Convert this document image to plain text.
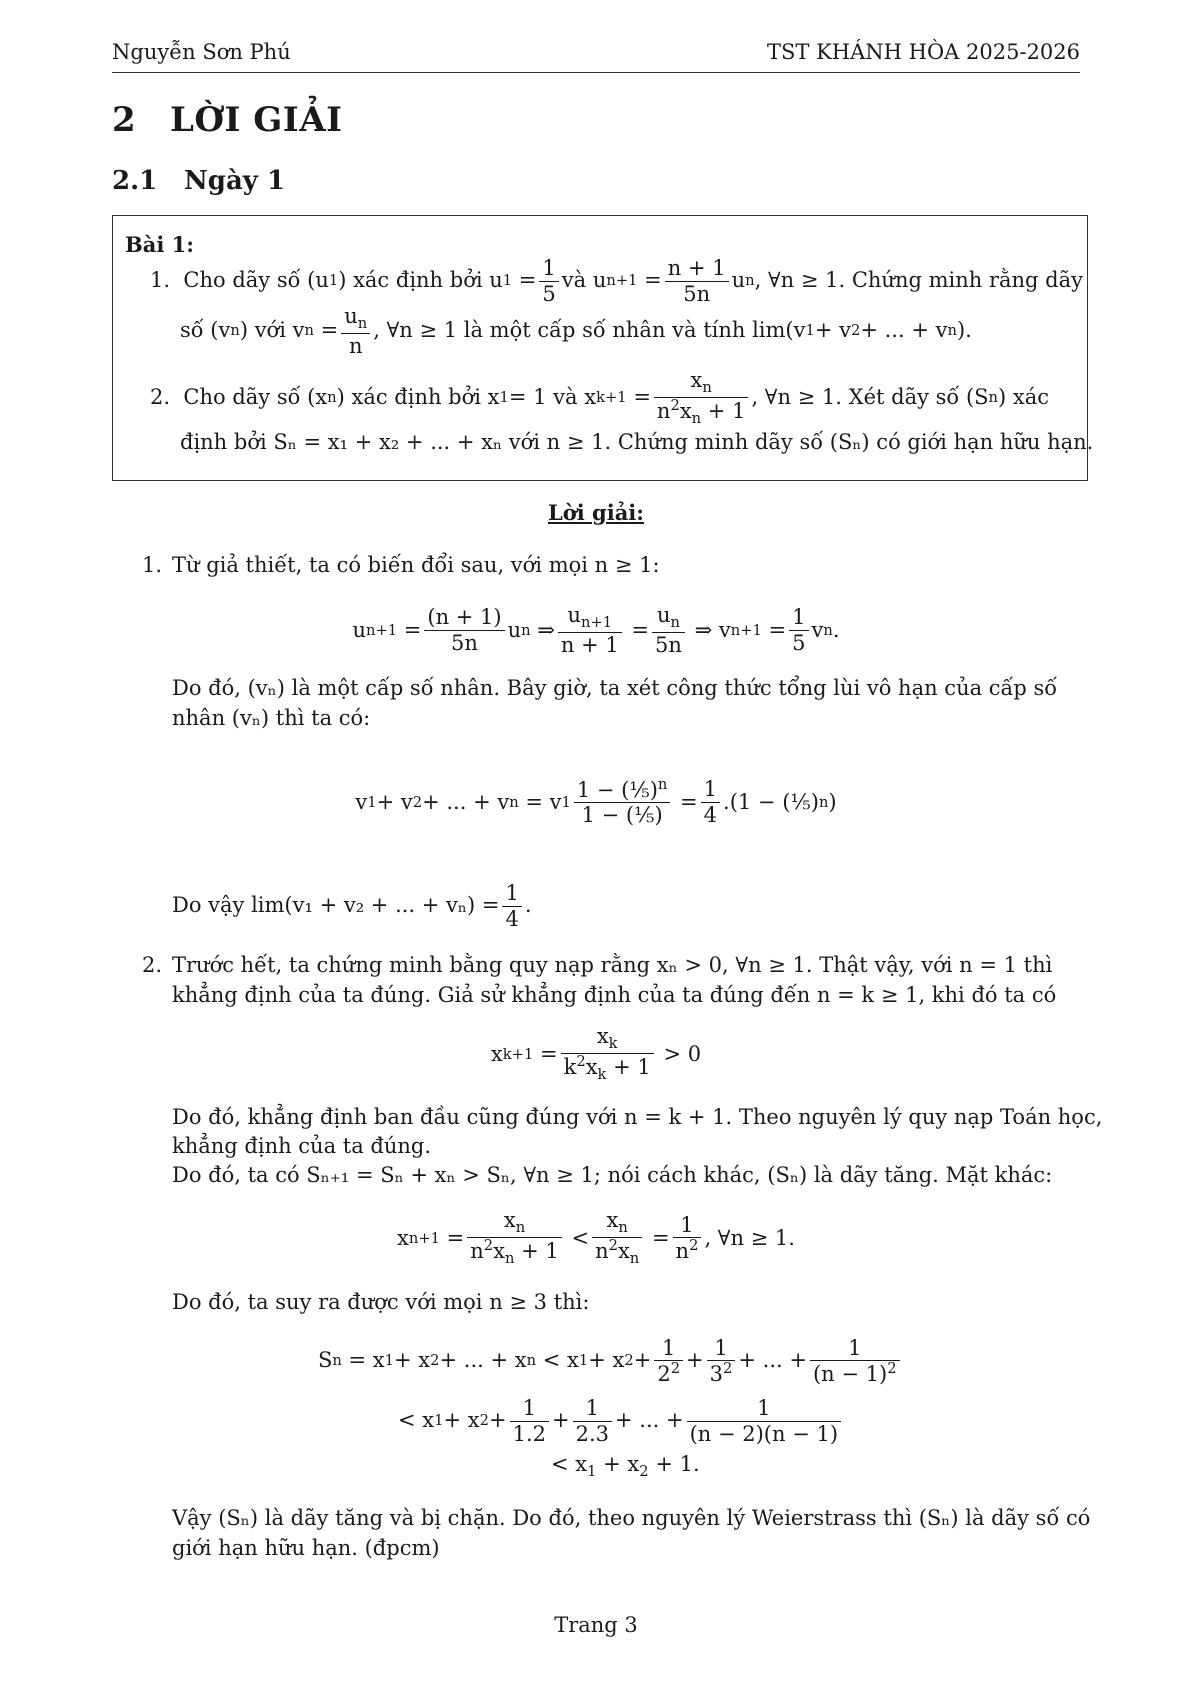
Nguyễn Sơn Phú	TST KHÁNH HÒA 2025-2026
2 LỜI GIẢI
2.1 Ngày 1
Bài 1:
1.
Cho dãy số (u 1 ) xác định bởi u $1 = \frac{1}{5}$ và u $n+1 = \frac{n + 1}{5n}$ u n , ∀n ≥ 1. Chứng minh rằng dãy
số (v n ) với v $n = \frac{u_n}{n}$ , ∀n ≥ 1 là một cấp số nhân và tính lim(v 1 + v 2 + ... + v n ).
2.
Cho dãy số (x n ) xác định bởi x 1 = 1 và x $k+1 = \frac{x_n}{n^2x_n + 1}$ , ∀n ≥ 1. Xét dãy số (S n ) xác
định bởi Sₙ = x₁ + x₂ + ... + xₙ với n ≥ 1. Chứng minh dãy số (Sₙ) có giới hạn hữu hạn.
Lời giải:
1. Từ giả thiết, ta có biến đổi sau, với mọi n ≥ 1:
u $n+1 = \frac{(n + 1)}{5n}$ u n ⇒ $\frac{u_{n+1}}{n + 1} = \frac{u_n}{5n}$ ⇒ v $n+1 = \frac{1}{5}$ v n .
Do đó, (vₙ) là một cấp số nhân. Bây giờ, ta xét công thức tổng lùi vô hạn của cấp số
nhân (vₙ) thì ta có:
v 1 + v 2 + ... + v n = v $1 \frac{1 - (\frac{1}{5})^n}{\text{1 − (⅕)}} = \frac{1}{4} .(1$ − (⅕) n )
Do vậy lim(v₁ + v₂ + ... + $v_n) = \frac{1}{4}$ .
2. Trước hết, ta chứng minh bằng quy nạp rằng xₙ > 0, ∀n ≥ 1. Thật vậy, với n = 1 thì
khẳng định của ta đúng. Giả sử khẳng định của ta đúng đến n = k ≥ 1, khi đó ta có
x $k+1 = \frac{x_k}{k^2x_k + 1} > 0$
Do đó, khẳng định ban đầu cũng đúng với n = k + 1. Theo nguyên lý quy nạp Toán học,
khẳng định của ta đúng.
Do đó, ta có Sₙ₊₁ = Sₙ + xₙ > Sₙ, ∀n ≥ 1; nói cách khác, (Sₙ) là dãy tăng. Mặt khác:
x $n+1 = \frac{x_n}{n^2x_n + 1} < \frac{x_n}{n^2x_n} = \frac{1}{n^2}$ , ∀n ≥ 1.
Do đó, ta suy ra được với mọi n ≥ 3 thì:
S n = x 1 + x 2 + ... + x n < x 1 + x $2 + \frac{1}{2^2} + \frac{1}{3^2}$ + ... + $\frac{1}{(n - 1)^2}$
< x 1 + x $2 + \frac{1}{1.2} + \frac{1}{2.3}$ + ... + $\frac{1}{(n - 2)(n - 1)}$
< $x_1 + x_2 + 1$.
Vậy (Sₙ) là dãy tăng và bị chặn. Do đó, theo nguyên lý Weierstrass thì (Sₙ) là dãy số có
giới hạn hữu hạn. (đpcm)
Trang 3
